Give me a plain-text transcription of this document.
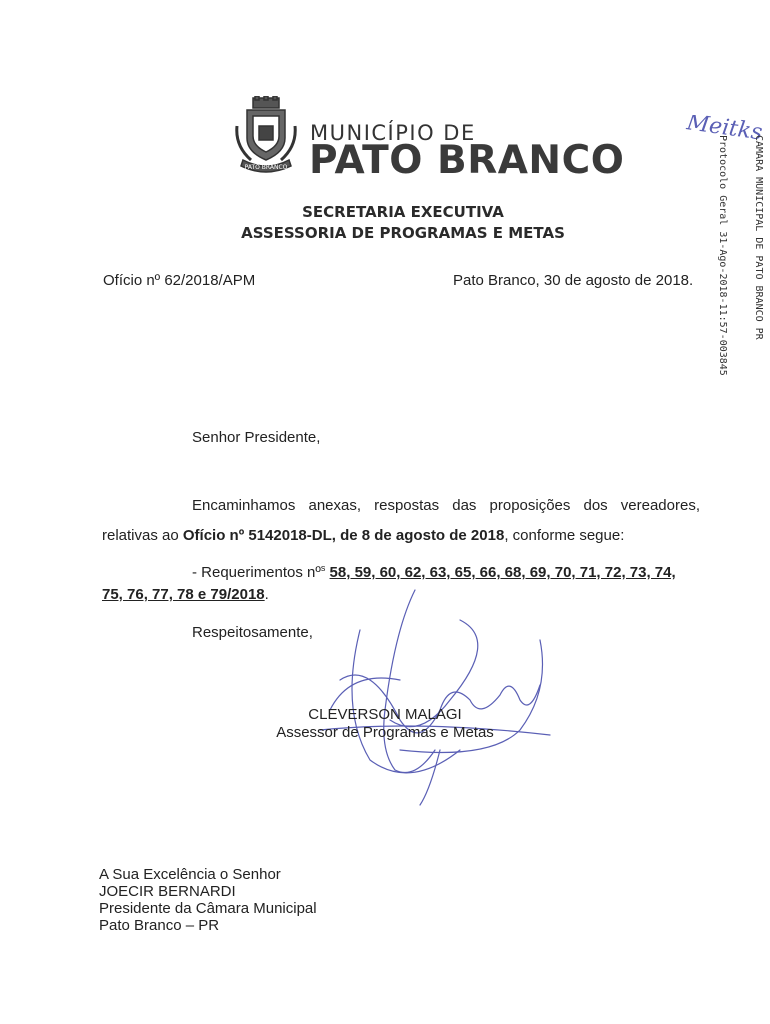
PATO BRANCO
MUNICÍPIO DE
PATO BRANCO
SECRETARIA EXECUTIVA
ASSESSORIA DE PROGRAMAS E METAS
Ofício nº 62/2018/APM	Pato Branco, 30 de agosto de 2018.
Meitks
CAMARA MUNICIPAL DE PATO BRANCO PR
Protocolo Geral 31-Ago-2018-11:57-003845-1/2
Senhor Presidente,
Encaminhamos anexas, respostas das proposições dos vereadores, relativas ao Ofício nº 5142018-DL, de 8 de agosto de 2018, conforme segue:
- Requerimentos nº$^s$ 58, 59, 60, 62, 63, 65, 66, 68, 69, 70, 71, 72, 73, 74, 75, 76, 77, 78 e 79/2018.
Respeitosamente,
CLEVERSON MALAGI
Assessor de Programas e Metas
A Sua Excelência o Senhor
JOECIR BERNARDI
Presidente da Câmara Municipal
Pato Branco – PR
